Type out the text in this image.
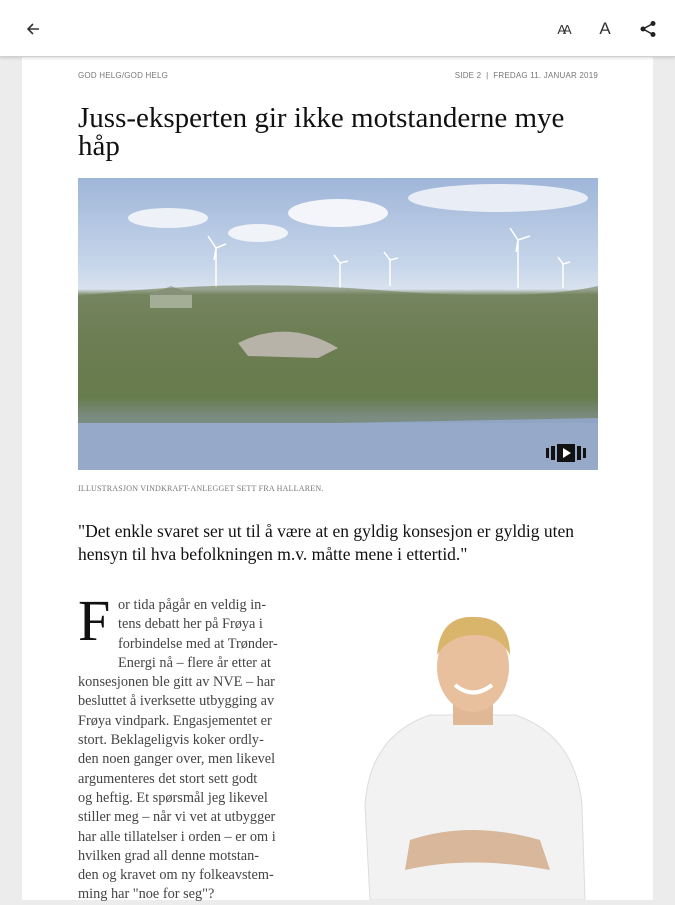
AA A
GOD HELG/GOD HELG	SIDE 2  |  FREDAG 11. JANUAR 2019
Juss-eksperten gir ikke motstanderne mye håp
ILLUSTRASJON VINDKRAFT-ANLEGGET SETT FRA HALLAREN.
"Det enkle svaret ser ut til å være at en gyldig konsesjon er gyldig uten hensyn til hva befolkningen m.v. måtte mene i ettertid."
F or tida pågår en veldig in-
tens debatt her på Frøya i
forbindelse med at Trønder-
Energi nå – flere år etter at
konsesjonen ble gitt av NVE – har
besluttet å iverksette utbygging av
Frøya vindpark. Engasjementet er
stort. Beklageligvis koker ordly-
den noen ganger over, men likevel
argumenteres det stort sett godt
og heftig. Et spørsmål jeg likevel
stiller meg – når vi vet at utbygger
har alle tillatelser i orden – er om i
hvilken grad all denne motstan-
den og kravet om ny folkeavstem-
ming har "noe for seg"?
